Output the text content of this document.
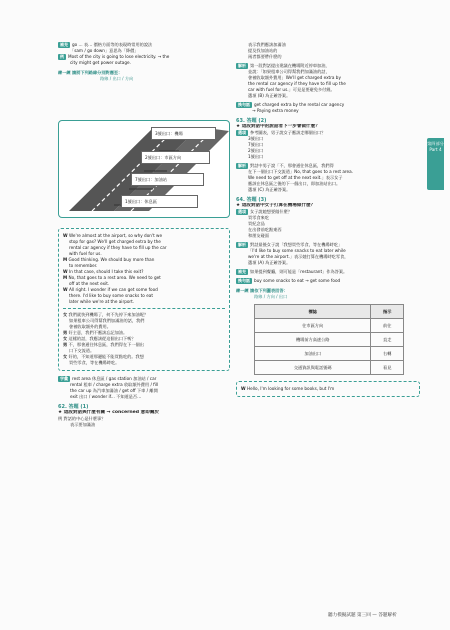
補充 go ... 表… 價格方面等的表現時常用的說法
「sam / go down」意思為「降價」
例 Most of the city is going to lose electricity. → the
city might get power outage.
練一練 請將下列路線分別對應至：
路線 / 出口 / 方向
3號出口：機場
2號出口：市區方向
7號出口：加油站
1號出口：休息區
W We're almost at the airport, so why don't we
stop for gas? We'll get charged extra by the
rental car agency if they have to fill up the car
with fuel for us.
M Good thinking. We should buy more than
to remember.
W In that case, should I take this exit?
M No, that goes to a rest area. We need to get
off at the next exit.
W All right. I wonder if we can get some food
there. I'd like to buy some snacks to eat
later while we're at the airport.
女 我們就快到機場了，何不先停下來加油呢？
如果租車公司得幫我們加滿油的話，我們
會被收取額外的費用。
男 好主意，我們不應該忘記加油。
女 這樣的話，我應該從這個出口下嗎？
男 不，那會通往休息區，我們得在下一個出
口下交流道。
女 好的，不知道那邊能不能買點吃的。我想
買些零食，等在機場時吃。
字彙 rest area 休息區 / gas station 加油站 / car
rental 租車 / charge extra 收取額外費用 / fill
the car up 為汽車加滿油 / get off 下車 / 離開
exit 出口 / wonder if... 不知道是否…
62. 答題 (1)
★ 這段對話與什麼有關 → concerned 意即關於
例 對話的中心是什麼事？
表示要加滿油
表示我們應該加滿油
提及找加油站的
兩者都要帶什麼的
解析 第一段對話提出建議在機場附近停車加油，
並說：「如果租車公司得幫我們加滿油的話，
會被收取額外費用」We'll get charged extra by
the rental car agency if they have to fill up the
car with fuel for us.」可見是要避免多付錢。
選項 (B) 為正確答案。
換句話 get charged extra by the rental car agency
→ Paying extra money
63. 答題 (2)
★ 這段對話中的說話者下一步會做什麼？
選項 參考圖表，男子說女子應該走哪個出口？
3號出口
7號出口
2號出口
1號出口
解析 對話中男子說「不，那會通往休息區，我們得
在下一個出口下交流道」No, that goes to a rest area.
We need to get off at the next exit.」表示女子
應該在休息區之後的下一個出口，即加油站出口。
選項 (C) 為正確答案。
64. 答題 (3)
★ 這段對話中女子打算在機場做什麼？
選項 女子說她想要做什麼？
買零食來吃
買紀念品
在出發前吃點東西
和朋友碰面
解析 對話最後女子說「我想買些零食，等在機場時吃」
「I'd like to buy some snacks to eat later while
we're at the airport.」表示她打算在機場時吃零食，
選項 (A) 為正確答案。
補充 如果提到餐廳，則可能是「restaurant」作為答案。
換句話 buy some snacks to eat → get some food
練一練 請依下列圖表回答：
路線 / 方向 / 出口
標誌	指示
往市區方向	前往
機場前方高速公路	直走
加油出口	右轉
交通資訊與電話號碼	看見
W Hello, I'm looking for some books, but I'm
第四部分 Part 4
聽力模擬試題 第三回 — 答題解析
